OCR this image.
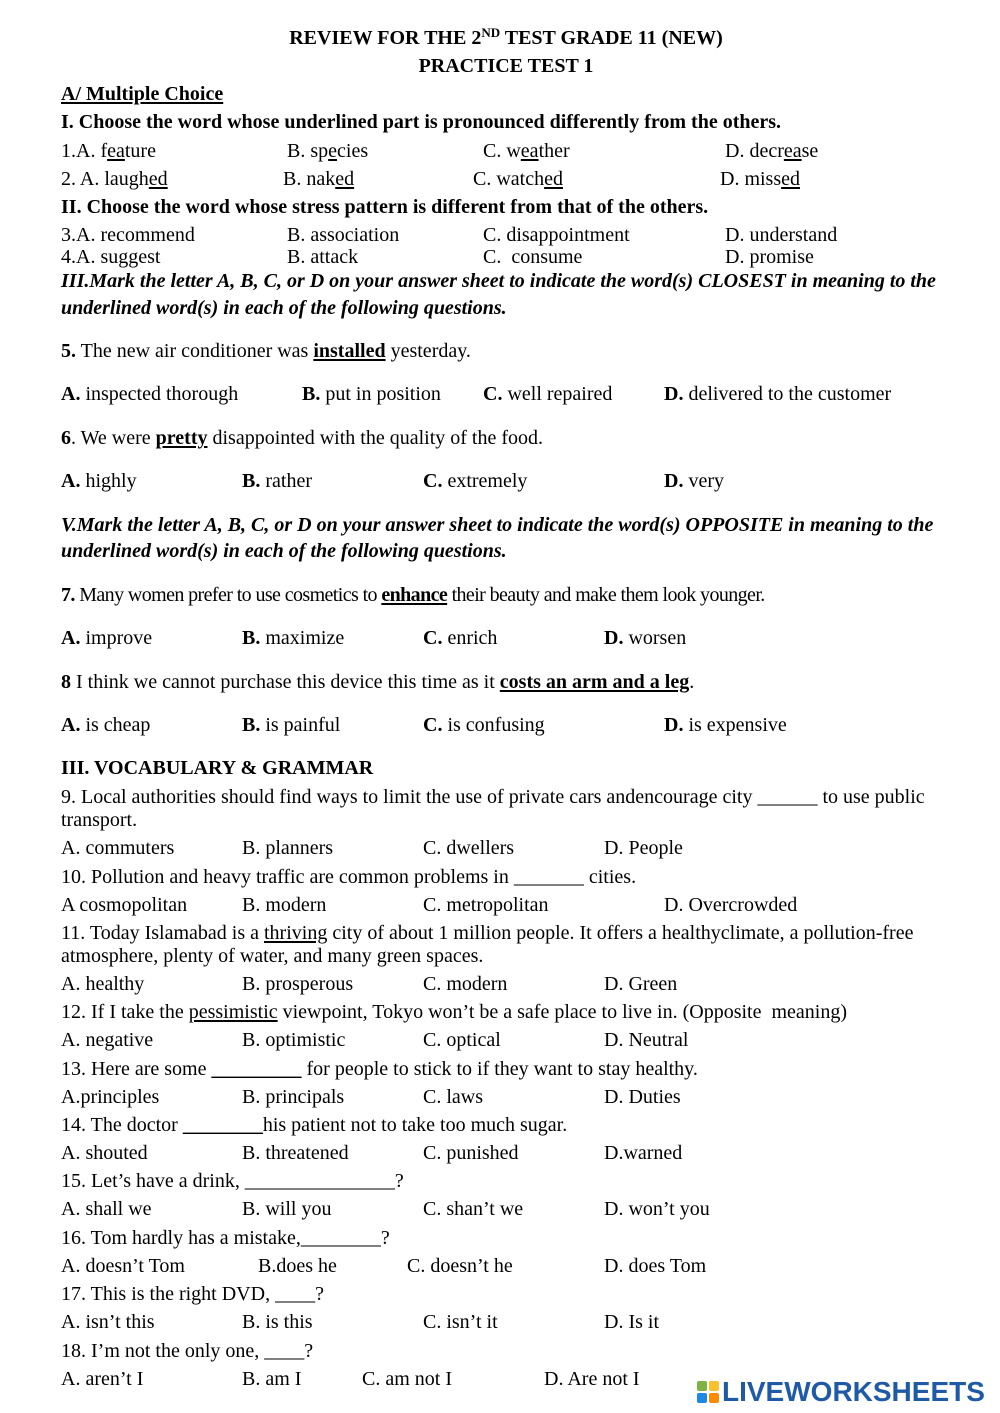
REVIEW FOR THE 2ND TEST GRADE 11 (NEW)
PRACTICE TEST 1
A/ Multiple Choice
I. Choose the word whose underlined part is pronounced differently from the others.
1.A. feature	B. species	C. weather	D. decrease
2. A. laughed	B. naked	C. watched	D. missed
II. Choose the word whose stress pattern is different from that of the others.
3.A. recommend	B. association	C. disappointment	D. understand
4.A. suggest	B. attack	C.  consume	D. promise
III.Mark the letter A, B, C, or D on your answer sheet to indicate the word(s) CLOSEST in meaning to the underlined word(s) in each of the following questions.
5. The new air conditioner was installed yesterday.
A. inspected thorough	B. put in position C. well repaired	D. delivered to the customer
6. We were pretty disappointed with the quality of the food.
A. highly	B. rather	C. extremely	D. very
V.Mark the letter A, B, C, or D on your answer sheet to indicate the word(s) OPPOSITE in meaning to the underlined word(s) in each of the following questions.
7. Many women prefer to use cosmetics to enhance their beauty and make them look younger.
A. improve	B. maximize	C. enrich	D. worsen
8 I think we cannot purchase this device this time as it costs an arm and a leg.
A. is cheap	B. is painful	C. is confusing	D. is expensive
III. VOCABULARY & GRAMMAR
9. Local authorities should find ways to limit the use of private cars andencourage city ______ to use public transport.
A. commuters	B. planners	C. dwellers	D. People
10. Pollution and heavy traffic are common problems in _______ cities.
A cosmopolitan	B. modern	C. metropolitan	D. Overcrowded
11. Today Islamabad is a thriving city of about 1 million people. It offers a healthyclimate, a pollution-free atmosphere, plenty of water, and many green spaces.
A. healthy	B. prosperous	C. modern	D. Green
12. If I take the pessimistic viewpoint, Tokyo won’t be a safe place to live in. (Opposite  meaning)
A. negative	B. optimistic	C. optical	D. Neutral
13. Here are some _________ for people to stick to if they want to stay healthy.
A.principles	B. principals	C. laws	D. Duties
14. The doctor ________his patient not to take too much sugar.
A. shouted	B. threatened	C. punished	D.warned
15. Let’s have a drink, _______________?
A. shall we	B. will you	C. shan’t we	D. won’t you
16. Tom hardly has a mistake,________?
A. doesn’t Tom	B.does he	C. doesn’t he	D. does Tom
17. This is the right DVD, ____?
A. isn’t this	B. is this	C. isn’t it	D. Is it
18. I’m not the only one, ____?
A. aren’t I	B. am I	C. am not I	D. Are not I	LIVEWORKSHEETS
